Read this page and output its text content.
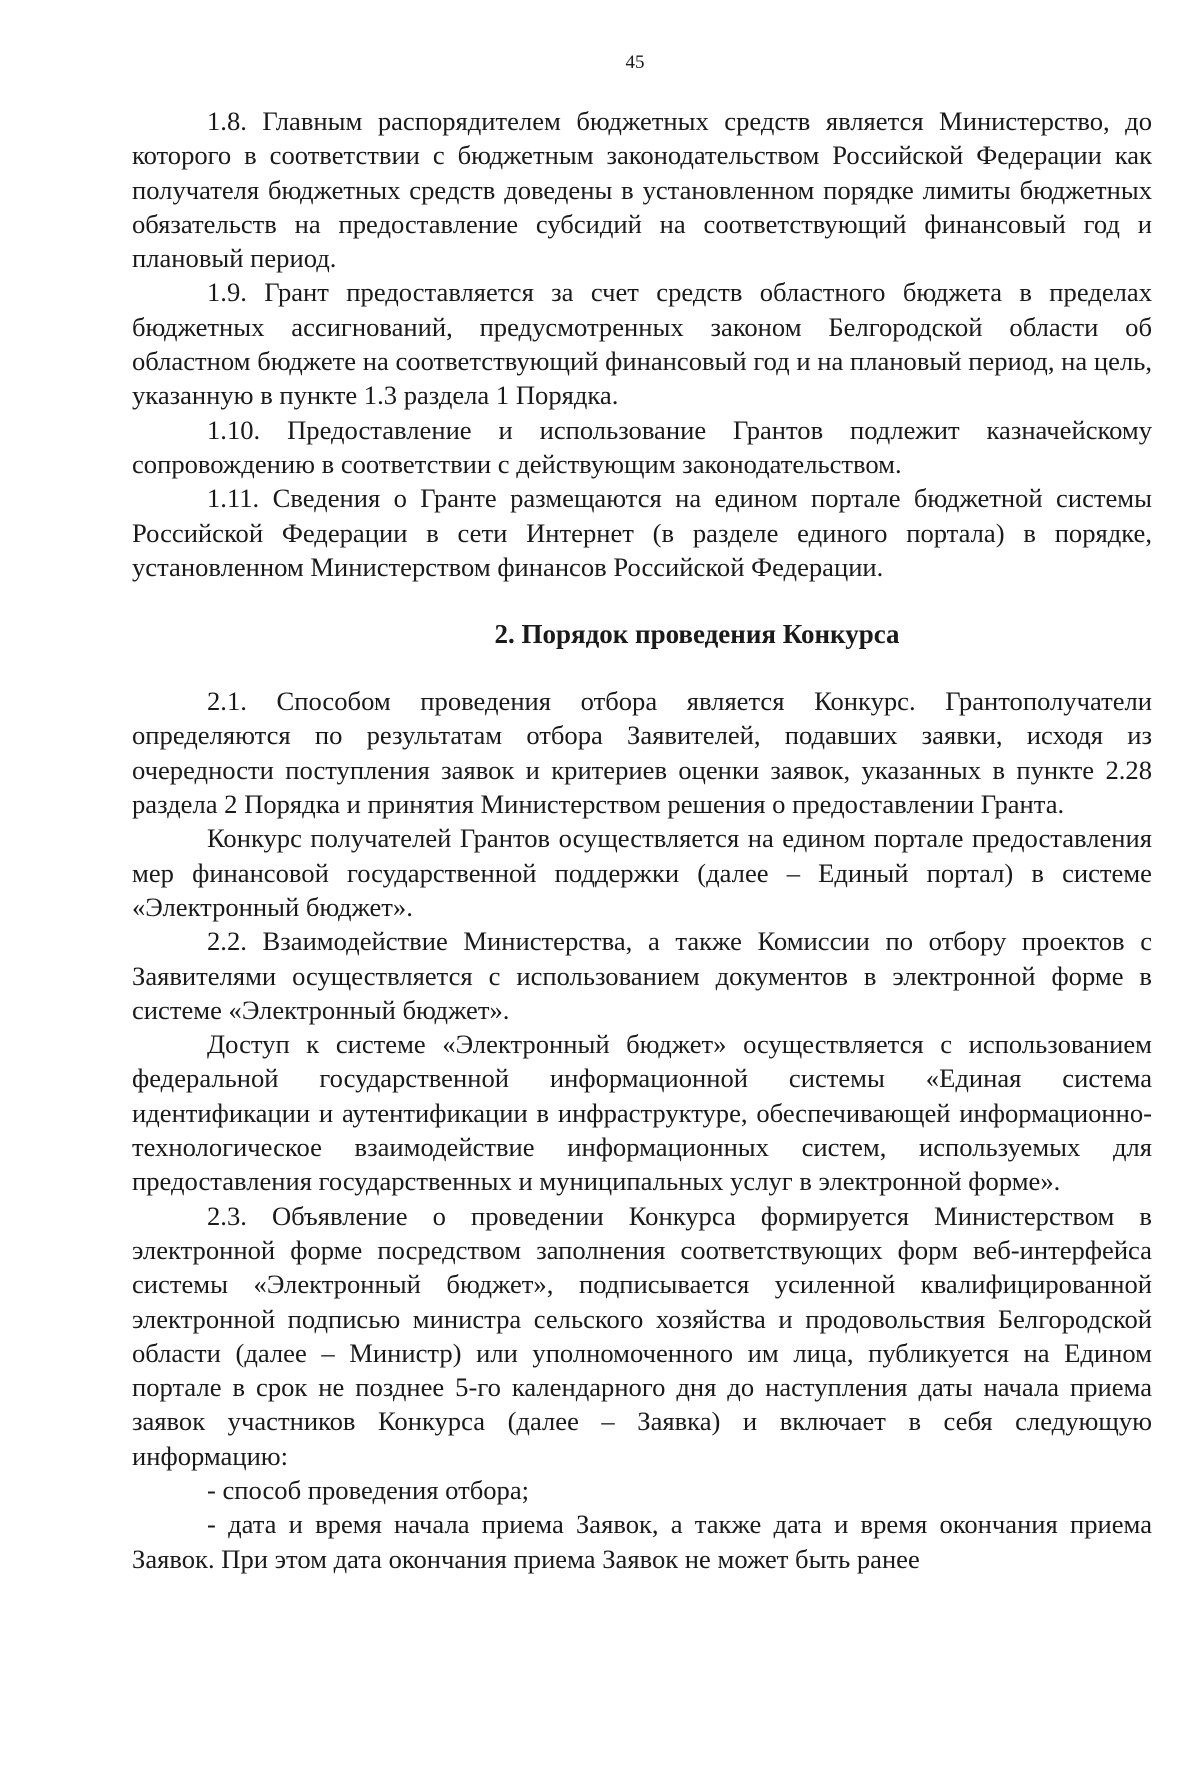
45

1.8. Главным распорядителем бюджетных средств является Министерство, до которого в соответствии с бюджетным законодательством Российской Федерации как получателя бюджетных средств доведены в установленном порядке лимиты бюджетных обязательств на предоставление субсидий на соответствующий финансовый год и плановый период.

1.9. Грант предоставляется за счет средств областного бюджета в пределах бюджетных ассигнований, предусмотренных законом Белгородской области об областном бюджете на соответствующий финансовый год и на плановый период, на цель, указанную в пункте 1.3 раздела 1 Порядка.

1.10. Предоставление и использование Грантов подлежит казначейскому сопровождению в соответствии с действующим законодательством.

1.11. Сведения о Гранте размещаются на едином портале бюджетной системы Российской Федерации в сети Интернет (в разделе единого портала) в порядке, установленном Министерством финансов Российской Федерации.

2. Порядок проведения Конкурса

2.1. Способом проведения отбора является Конкурс. Грантополучатели определяются по результатам отбора Заявителей, подавших заявки, исходя из очередности поступления заявок и критериев оценки заявок, указанных в пункте 2.28 раздела 2 Порядка и принятия Министерством решения о предоставлении Гранта.

Конкурс получателей Грантов осуществляется на едином портале предоставления мер финансовой государственной поддержки (далее – Единый портал) в системе «Электронный бюджет».

2.2. Взаимодействие Министерства, а также Комиссии по отбору проектов с Заявителями осуществляется с использованием документов в электронной форме в системе «Электронный бюджет».

Доступ к системе «Электронный бюджет» осуществляется с использованием федеральной государственной информационной системы «Единая система идентификации и аутентификации в инфраструктуре, обеспечивающей информационно-технологическое взаимодействие информационных систем, используемых для предоставления государственных и муниципальных услуг в электронной форме».

2.3. Объявление о проведении Конкурса формируется Министерством в электронной форме посредством заполнения соответствующих форм веб-интерфейса системы «Электронный бюджет», подписывается усиленной квалифицированной электронной подписью министра сельского хозяйства и продовольствия Белгородской области (далее – Министр) или уполномоченного им лица, публикуется на Едином портале в срок не позднее 5-го календарного дня до наступления даты начала приема заявок участников Конкурса (далее – Заявка) и включает в себя следующую информацию:

- способ проведения отбора;

- дата и время начала приема Заявок, а также дата и время окончания приема Заявок. При этом дата окончания приема Заявок не может быть ранее
